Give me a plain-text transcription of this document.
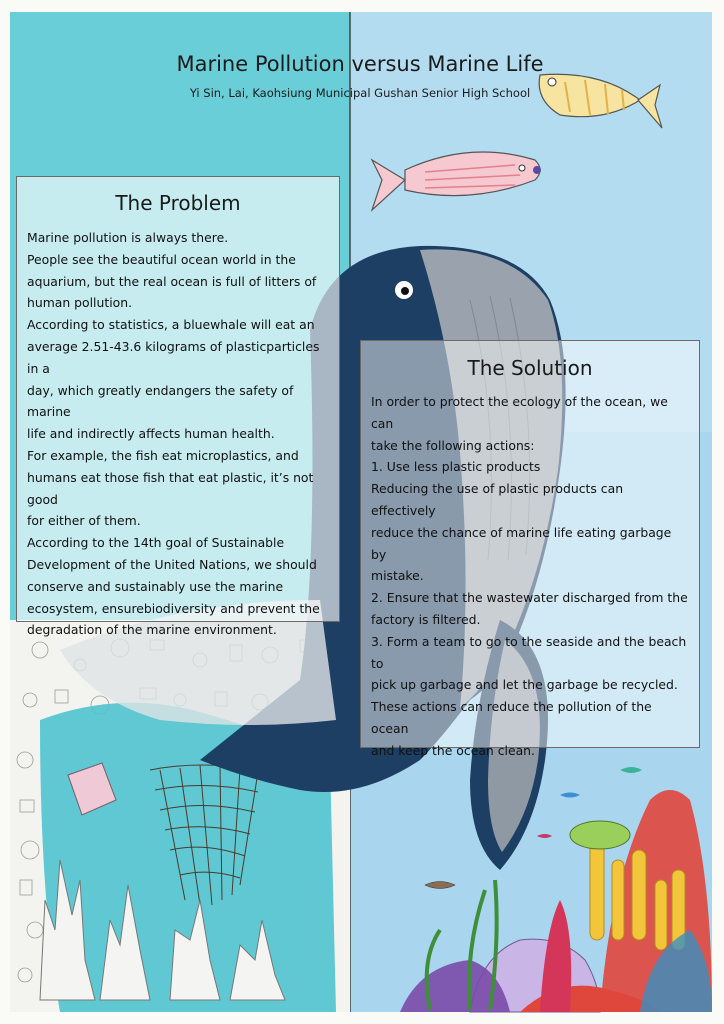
Marine Pollution versus Marine Life
Yi Sin, Lai, Kaohsiung Municipal Gushan Senior High School
The Problem
Marine pollution is always there.
People see the beautiful ocean world in the
aquarium, but the real ocean is full of litters of
human pollution.
According to statistics, a bluewhale will eat an
average 2.51-43.6 kilograms of plasticparticles in a
day, which greatly endangers the safety of marine
life and indirectly affects human health.
For example, the fish eat microplastics, and
humans eat those fish that eat plastic, it’s not good
for either of them.
According to the 14th goal of Sustainable
Development of the United Nations, we should
conserve and sustainably use the marine
ecosystem, ensurebiodiversity and prevent the
degradation of the marine environment.
The Solution
In order to protect the ecology of the ocean, we can
take the following actions:
1. Use less plastic products
Reducing the use of plastic products can effectively
reduce the chance of marine life eating garbage by
mistake.
2. Ensure that the wastewater discharged from the
factory is filtered.
3. Form a team to go to the seaside and the beach to
pick up garbage and let the garbage be recycled.
These actions can reduce the pollution of the ocean
and keep the ocean clean.
